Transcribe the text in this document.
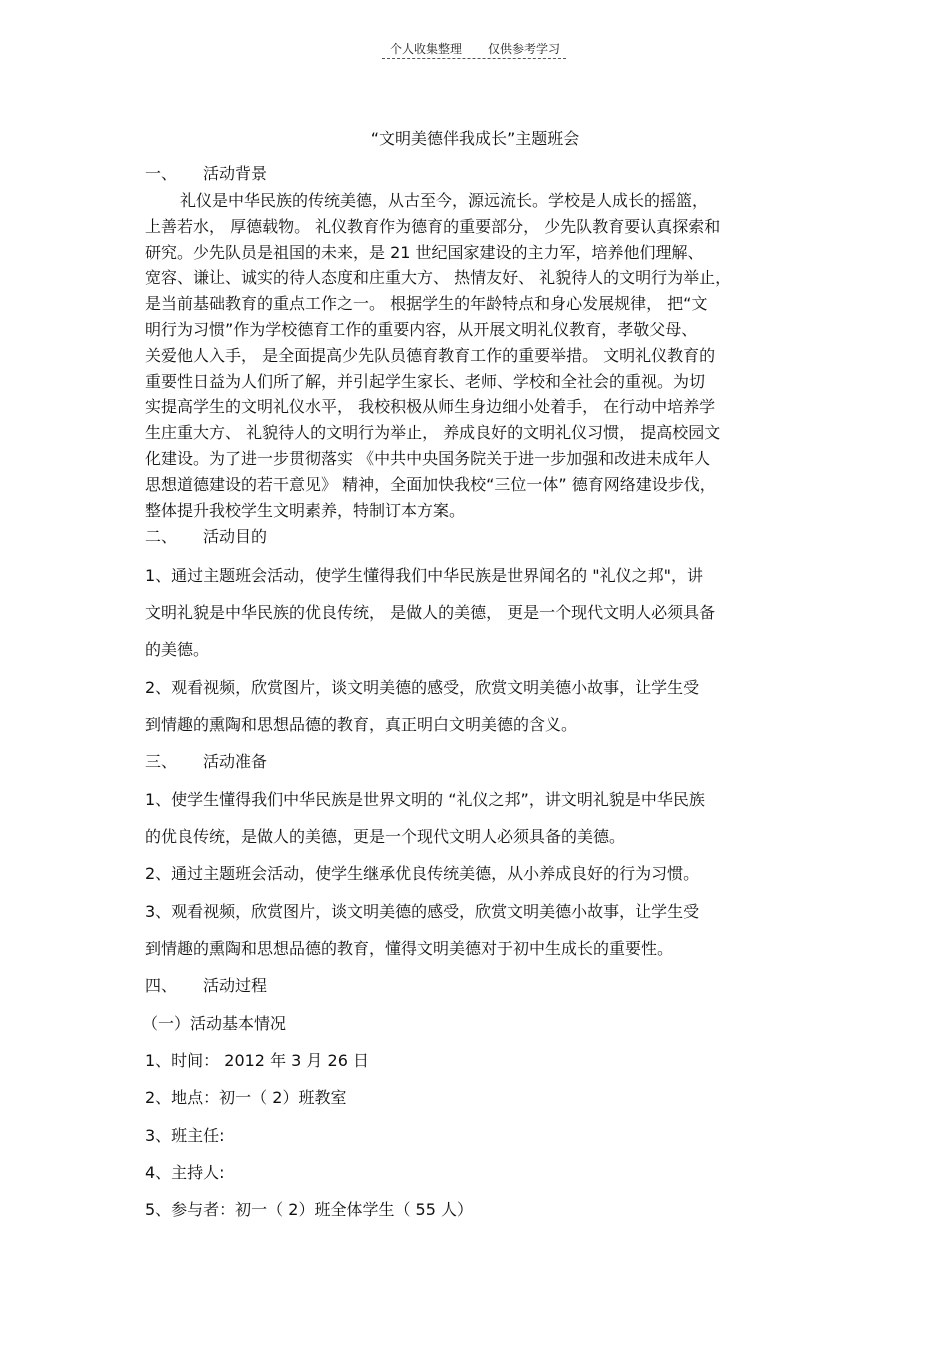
个人收集整理 仅供参考学习
“文明美德伴我成长”主题班会
一、 活动背景
礼仪是中华民族的传统美德，从古至今，源远流长。学校是人成长的摇篮，
上善若水， 厚德载物。 礼仪教育作为德育的重要部分， 少先队教育要认真探索和
研究。少先队员是祖国的未来，是 21 世纪国家建设的主力军，培养他们理解、
宽容、谦让、诚实的待人态度和庄重大方、 热情友好、 礼貌待人的文明行为举止，
是当前基础教育的重点工作之一。 根据学生的年龄特点和身心发展规律， 把“文
明行为习惯”作为学校德育工作的重要内容，从开展文明礼仪教育，孝敬父母、
关爱他人入手， 是全面提高少先队员德育教育工作的重要举措。 文明礼仪教育的
重要性日益为人们所了解，并引起学生家长、老师、学校和全社会的重视。为切
实提高学生的文明礼仪水平， 我校积极从师生身边细小处着手， 在行动中培养学
生庄重大方、 礼貌待人的文明行为举止， 养成良好的文明礼仪习惯， 提高校园文
化建设。为了进一步贯彻落实 《中共中央国务院关于进一步加强和改进未成年人
思想道德建设的若干意见》 精神，全面加快我校“三位一体” 德育网络建设步伐，
整体提升我校学生文明素养，特制订本方案。
二、 活动目的
1、通过主题班会活动，使学生懂得我们中华民族是世界闻名的 "礼仪之邦"，讲
文明礼貌是中华民族的优良传统， 是做人的美德， 更是一个现代文明人必须具备
的美德。
2、观看视频，欣赏图片，谈文明美德的感受，欣赏文明美德小故事，让学生受
到情趣的熏陶和思想品德的教育，真正明白文明美德的含义。
三、 活动准备
1、使学生懂得我们中华民族是世界文明的 “礼仪之邦”，讲文明礼貌是中华民族
的优良传统，是做人的美德，更是一个现代文明人必须具备的美德。
2、通过主题班会活动，使学生继承优良传统美德，从小养成良好的行为习惯。
3、观看视频，欣赏图片，谈文明美德的感受，欣赏文明美德小故事，让学生受
到情趣的熏陶和思想品德的教育，懂得文明美德对于初中生成长的重要性。
四、 活动过程
（一）活动基本情况
1、时间： 2012 年 3 月 26 日
2、地点：初一（ 2）班教室
3、班主任:
4、主持人:
5、参与者：初一（ 2）班全体学生（ 55 人）
